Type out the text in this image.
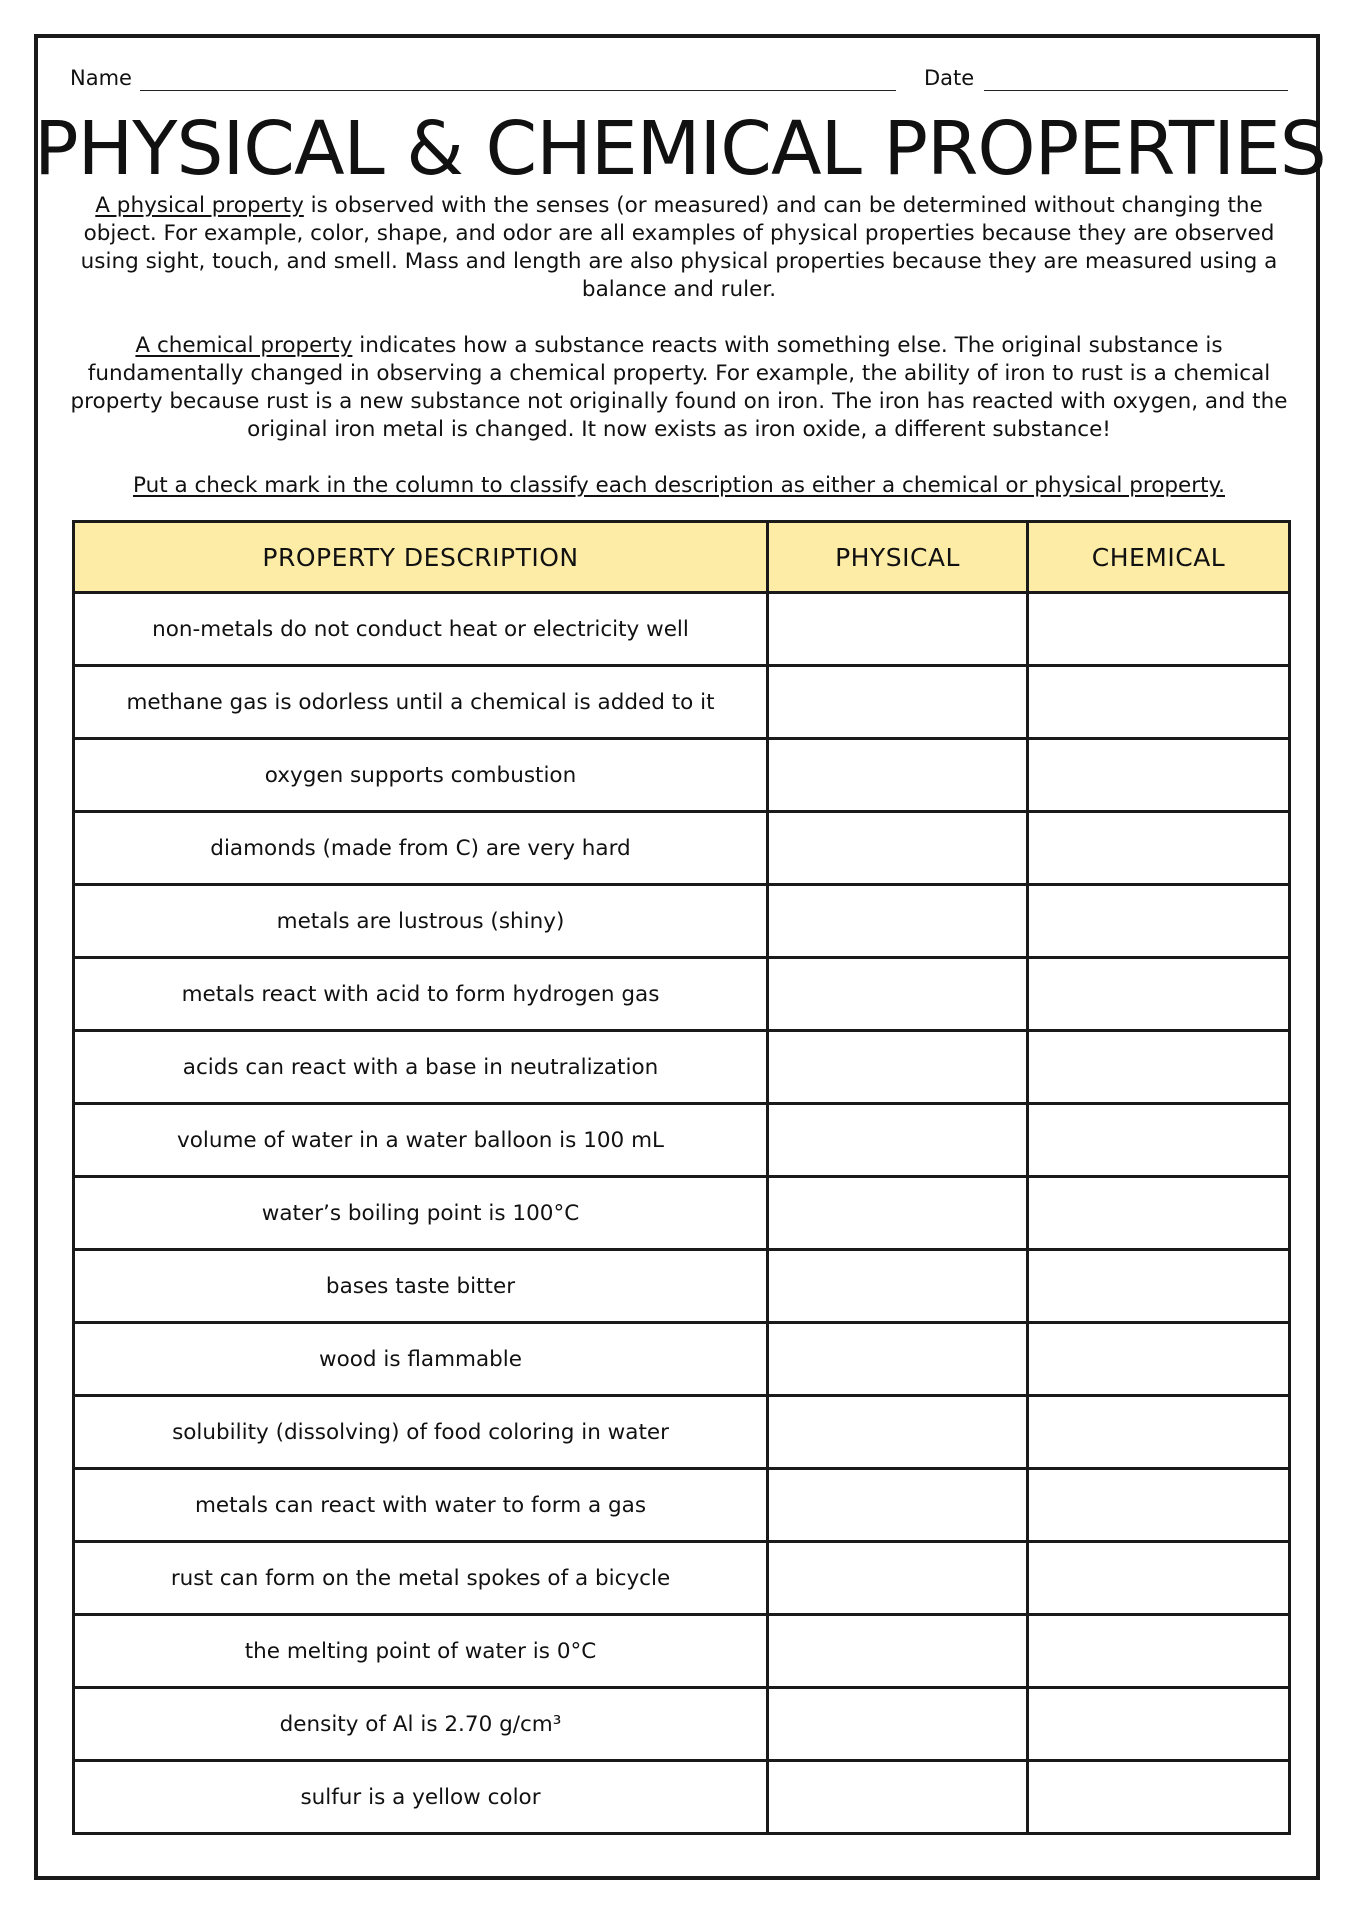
Name	Date
PHYSICAL & CHEMICAL PROPERTIES

A physical property is observed with the senses (or measured) and can be determined without changing the object. For example, color, shape, and odor are all examples of physical properties because they are observed using sight, touch, and smell. Mass and length are also physical properties because they are measured using a balance and ruler.

A chemical property indicates how a substance reacts with something else. The original substance is fundamentally changed in observing a chemical property. For example, the ability of iron to rust is a chemical property because rust is a new substance not originally found on iron. The iron has reacted with oxygen, and the original iron metal is changed. It now exists as iron oxide, a different substance!

Put a check mark in the column to classify each description as either a chemical or physical property.

PROPERTY DESCRIPTION	PHYSICAL	CHEMICAL
non-metals do not conduct heat or electricity well		
methane gas is odorless until a chemical is added to it		
oxygen supports combustion		
diamonds (made from C) are very hard		
metals are lustrous (shiny)		
metals react with acid to form hydrogen gas		
acids can react with a base in neutralization		
volume of water in a water balloon is 100 mL		
water’s boiling point is 100°C		
bases taste bitter		
wood is flammable		
solubility (dissolving) of food coloring in water		
metals can react with water to form a gas		
rust can form on the metal spokes of a bicycle		
the melting point of water is 0°C		
density of Al is 2.70 g/cm³		
sulfur is a yellow color		
